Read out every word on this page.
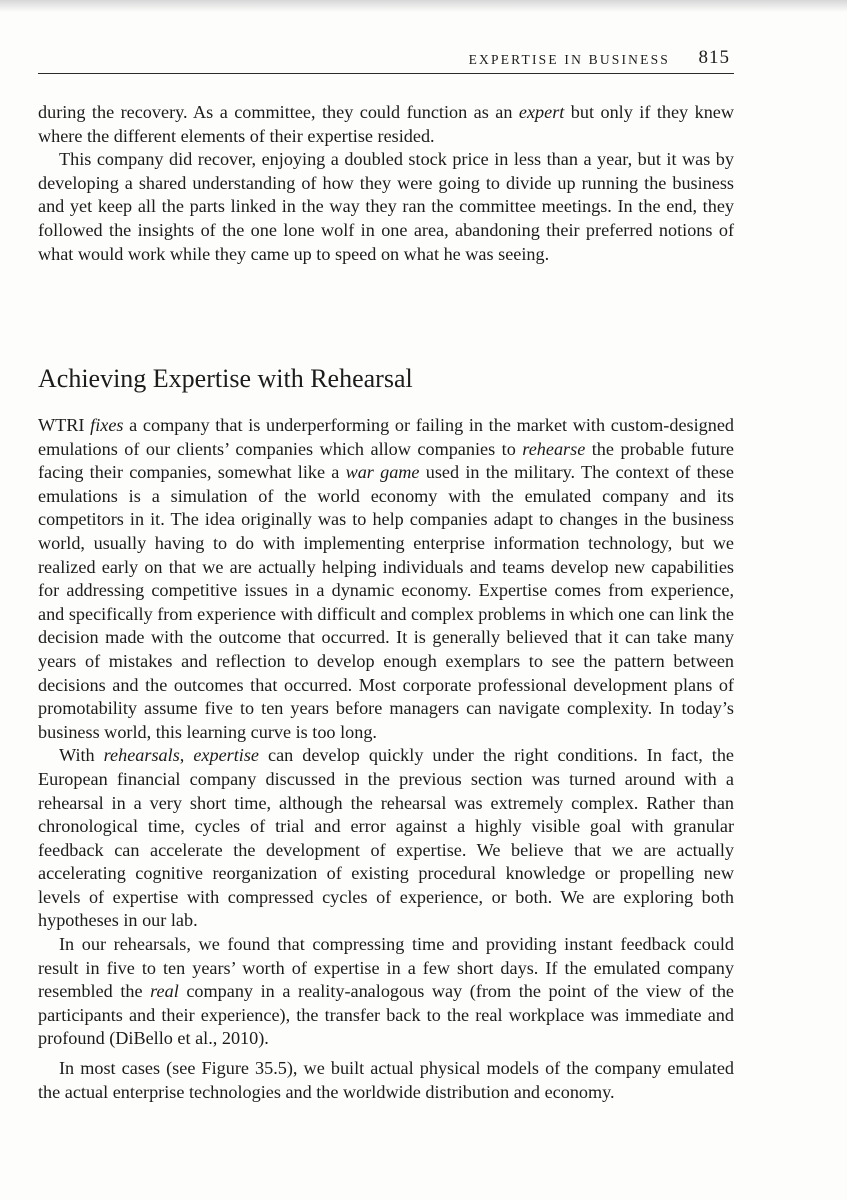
EXPERTISE IN BUSINESS 815

during the recovery. As a committee, they could function as an expert but only if they knew where the different elements of their expertise resided.

This company did recover, enjoying a doubled stock price in less than a year, but it was by developing a shared understanding of how they were going to divide up running the business and yet keep all the parts linked in the way they ran the committee meetings. In the end, they followed the insights of the one lone wolf in one area, abandoning their preferred notions of what would work while they came up to speed on what he was seeing.

Achieving Expertise with Rehearsal

WTRI fixes a company that is underperforming or failing in the market with custom-designed emulations of our clients’ companies which allow companies to rehearse the probable future facing their companies, somewhat like a war game used in the military. The context of these emulations is a simulation of the world economy with the emulated company and its competitors in it. The idea originally was to help companies adapt to changes in the business world, usually having to do with implementing enterprise information technology, but we realized early on that we are actually helping individuals and teams develop new capabilities for addressing competitive issues in a dynamic economy. Expertise comes from experience, and specifically from experience with difficult and complex problems in which one can link the decision made with the outcome that occurred. It is generally believed that it can take many years of mistakes and reflection to develop enough exemplars to see the pattern between decisions and the outcomes that occurred. Most corporate professional development plans of promotability assume five to ten years before managers can navigate complexity. In today’s business world, this learning curve is too long.

With rehearsals, expertise can develop quickly under the right conditions. In fact, the European financial company discussed in the previous section was turned around with a rehearsal in a very short time, although the rehearsal was extremely complex. Rather than chronological time, cycles of trial and error against a highly visible goal with granular feedback can accelerate the development of expertise. We believe that we are actually accelerating cognitive reorganization of existing procedural knowledge or propelling new levels of expertise with compressed cycles of experience, or both. We are exploring both hypotheses in our lab.

In our rehearsals, we found that compressing time and providing instant feedback could result in five to ten years’ worth of expertise in a few short days. If the emulated company resembled the real company in a reality-analogous way (from the point of the view of the participants and their experience), the transfer back to the real workplace was immediate and profound (DiBello et al., 2010).

In most cases (see Figure 35.5), we built actual physical models of the company emulated the actual enterprise technologies and the worldwide distribution and economy.
